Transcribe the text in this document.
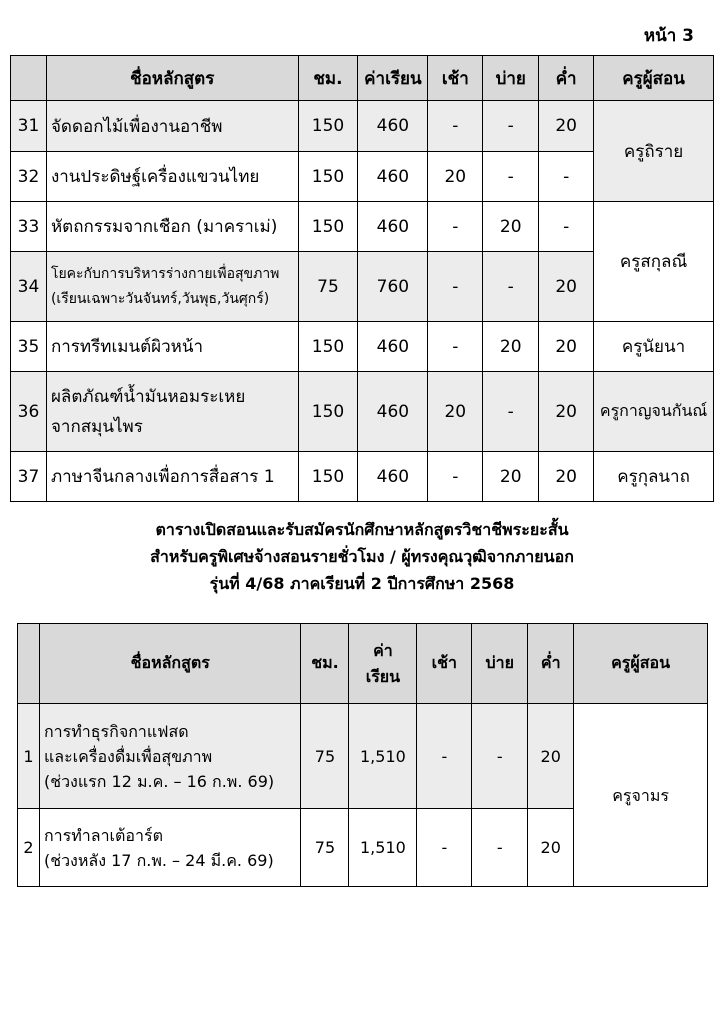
หน้า 3
	ชื่อหลักสูตร	ชม.	ค่าเรียน	เช้า	บ่าย	ค่ำ	ครูผู้สอน
31	จัดดอกไม้เพื่องานอาชีพ	150	460	-	-	20	ครูถิราย
32	งานประดิษฐ์เครื่องแขวนไทย	150	460	20	-	-	
33	หัตถกรรมจากเชือก (มาคราเม่)	150	460	-	20	-	ครูสกุลณี
34	โยคะกับการบริหารร่างกายเพื่อสุขภาพ
(เรียนเฉพาะวันจันทร์,วันพุธ,วันศุกร์)	75	760	-	-	20	
35	การทรีทเมนต์ผิวหน้า	150	460	-	20	20	ครูนัยนา
36	ผลิตภัณฑ์น้ำมันหอมระเหย
จากสมุนไพร	150	460	20	-	20	ครูกาญจนกันณ์
37	ภาษาจีนกลางเพื่อการสื่อสาร 1	150	460	-	20	20	ครูกุลนาถ
ตารางเปิดสอนและรับสมัครนักศึกษาหลักสูตรวิชาชีพระยะสั้น
สำหรับครูพิเศษจ้างสอนรายชั่วโมง / ผู้ทรงคุณวุฒิจากภายนอก
รุ่นที่ 4/68 ภาคเรียนที่ 2 ปีการศึกษา 2568
	ชื่อหลักสูตร	ชม.	ค่า
เรียน	เช้า	บ่าย	ค่ำ	ครูผู้สอน
1	การทำธุรกิจกาแฟสด
และเครื่องดื่มเพื่อสุขภาพ
(ช่วงแรก 12 ม.ค. – 16 ก.พ. 69)	75	1,510	-	-	20	ครูจามร
2	การทำลาเต้อาร์ต
(ช่วงหลัง 17 ก.พ. – 24 มี.ค. 69)	75	1,510	-	-	20	
